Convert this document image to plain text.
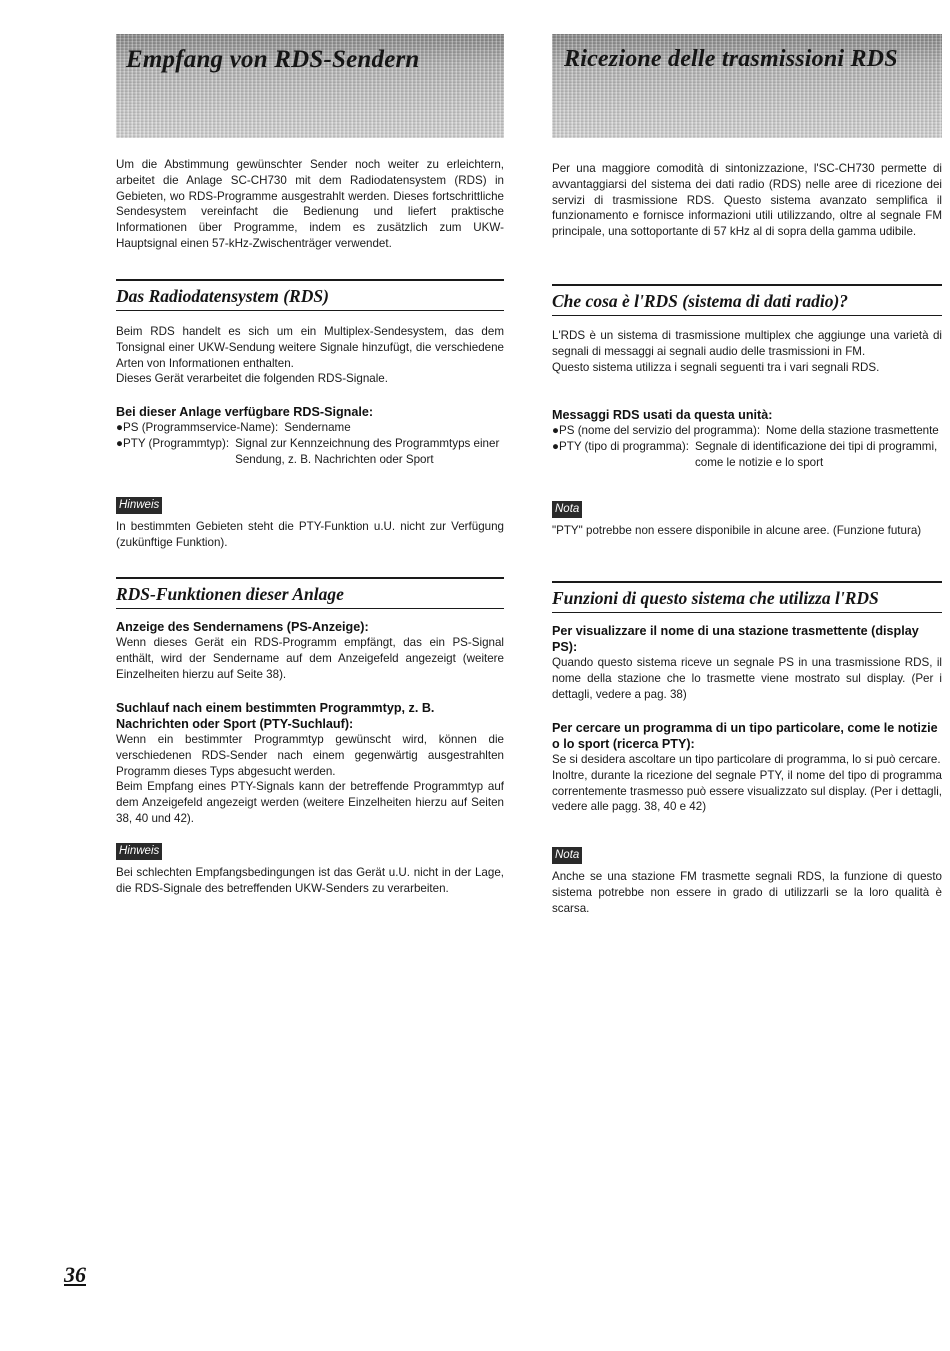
Empfang von RDS-Sendern

Um die Abstimmung gewünschter Sender noch weiter zu erleichtern, arbeitet die Anlage SC-CH730 mit dem Radiodatensystem (RDS) in Gebieten, wo RDS-Programme ausgestrahlt werden. Dieses fortschrittliche Sendesystem vereinfacht die Bedienung und liefert praktische Informationen über Programme, indem es zusätzlich zum UKW-Hauptsignal einen 57-kHz-Zwischenträger verwendet.

Das Radiodatensystem (RDS)

Beim RDS handelt es sich um ein Multiplex-Sendesystem, das dem Tonsignal einer UKW-Sendung weitere Signale hinzufügt, die verschiedene Arten von Informationen enthalten.

Dieses Gerät verarbeitet die folgenden RDS-Signale.

Bei dieser Anlage verfügbare RDS-Signale:
●PS (Programmservice-Name): Sendername
●PTY (Programmtyp): Signal zur Kennzeichnung des Programmtyps einer Sendung, z. B. Nachrichten oder Sport
Hinweis

In bestimmten Gebieten steht die PTY-Funktion u.U. nicht zur Verfügung (zukünftige Funktion).

RDS-Funktionen dieser Anlage
Anzeige des Sendernamens (PS-Anzeige):

Wenn dieses Gerät ein RDS-Programm empfängt, das ein PS-Signal enthält, wird der Sendername auf dem Anzeigefeld angezeigt (weitere Einzelheiten hierzu auf Seite 38).

Suchlauf nach einem bestimmten Programmtyp, z. B. Nachrichten oder Sport (PTY-Suchlauf):

Wenn ein bestimmter Programmtyp gewünscht wird, können die verschiedenen RDS-Sender nach einem gegenwärtig ausgestrahlten Programm dieses Typs abgesucht werden.

Beim Empfang eines PTY-Signals kann der betreffende Programmtyp auf dem Anzeigefeld angezeigt werden (weitere Einzelheiten hierzu auf Seiten 38, 40 und 42).

Hinweis

Bei schlechten Empfangsbedingungen ist das Gerät u.U. nicht in der Lage, die RDS-Signale des betreffenden UKW-Senders zu verarbeiten.

Ricezione delle trasmissioni RDS

Per una maggiore comodità di sintonizzazione, l'SC-CH730 permette di avvantaggiarsi del sistema dei dati radio (RDS) nelle aree di ricezione dei servizi di trasmissione RDS. Questo sistema avanzato semplifica il funzionamento e fornisce informazioni utili utilizzando, oltre al segnale FM principale, una sottoportante di 57 kHz al di sopra della gamma udibile.

Che cosa è l'RDS (sistema di dati radio)?

L'RDS è un sistema di trasmissione multiplex che aggiunge una varietà di segnali di messaggi ai segnali audio delle trasmissioni in FM.

Questo sistema utilizza i segnali seguenti tra i vari segnali RDS.

Messaggi RDS usati da questa unità:
●PS (nome del servizio del programma): Nome della stazione trasmettente
●PTY (tipo di programma): Segnale di identificazione dei tipi di programmi, come le notizie e lo sport
Nota

"PTY" potrebbe non essere disponibile in alcune aree. (Funzione futura)

Funzioni di questo sistema che utilizza l'RDS
Per visualizzare il nome di una stazione trasmettente (display PS):

Quando questo sistema riceve un segnale PS in una trasmissione RDS, il nome della stazione che lo trasmette viene mostrato sul display. (Per i dettagli, vedere a pag. 38)

Per cercare un programma di un tipo particolare, come le notizie o lo sport (ricerca PTY):

Se si desidera ascoltare un tipo particolare di programma, lo si può cercare.

Inoltre, durante la ricezione del segnale PTY, il nome del tipo di programma correntemente trasmesso può essere visualizzato sul display. (Per i dettagli, vedere alle pagg. 38, 40 e 42)

Nota

Anche se una stazione FM trasmette segnali RDS, la funzione di questo sistema potrebbe non essere in grado di utilizzarli se la loro qualità è scarsa.

36
